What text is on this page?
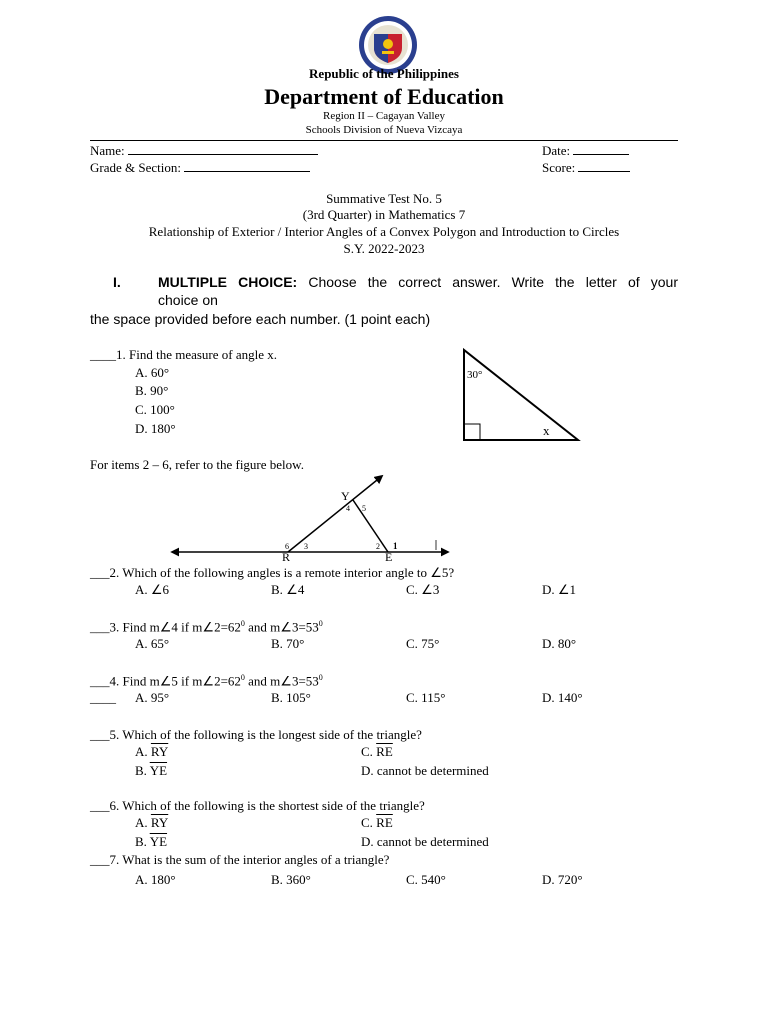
Republic of the Philippines
Department of Education
Region II – Cagayan Valley
Schools Division of Nueva Vizcaya
Name:	Date:
Grade & Section:	Score:
Summative Test No. 5
(3rd Quarter) in Mathematics 7
Relationship of Exterior / Interior Angles of a Convex Polygon and Introduction to Circles
S.Y. 2022-2023
I.	MULTIPLE CHOICE: Choose the correct answer. Write the letter of your
choice on
the space provided before each number. (1 point each)
____1. Find the measure of angle x.
A. 60°
B. 90°
C. 100°
D. 180°
30°
x
For items 2 – 6, refer to the figure below.
Y
R	E
4 5
6 3	2 1
___2. Which of the following angles is a remote interior angle to ∠5?
A. ∠6	B. ∠4	C. ∠3	D. ∠1
___3. Find m∠4 if $m\angle 2=62^0$ and $m\angle 3=53^0$
A. 65°	B. 70°	C. 75°	D. 80°
___4. Find m∠5 if $m\angle 2=62^0$ and $m\angle 3=53^0$
____ A. 95°	B. 105°	C. 115°	D. 140°
___5. Which of the following is the longest side of the triangle?
A. $\overline{RY}$	C. $\overline{RE}$
B. $\overline{YE}$	D. cannot be determined
___6. Which of the following is the shortest side of the triangle?
A. $\overline{RY}$	C. $\overline{RE}$
B. $\overline{YE}$	D. cannot be determined
___7. What is the sum of the interior angles of a triangle?
A. 180°	B. 360°	C. 540°	D. 720°
